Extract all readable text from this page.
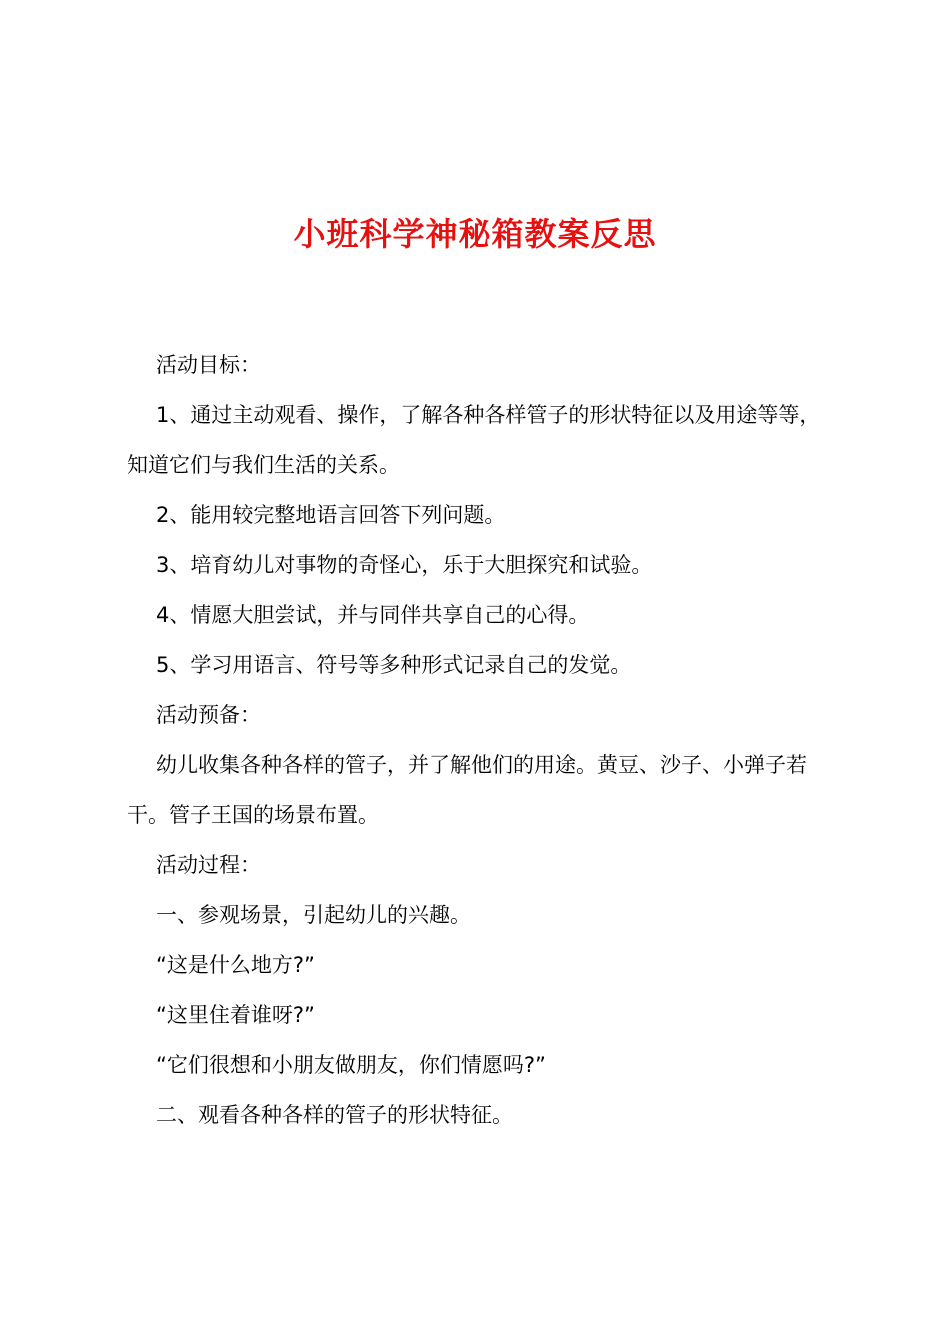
小班科学神秘箱教案反思

活动目标：

1、通过主动观看、操作，了解各种各样管子的形状特征以及用途等等，知道它们与我们生活的关系。

2、能用较完整地语言回答下列问题。

3、培育幼儿对事物的奇怪心，乐于大胆探究和试验。

4、情愿大胆尝试，并与同伴共享自己的心得。

5、学习用语言、符号等多种形式记录自己的发觉。

活动预备：

幼儿收集各种各样的管子，并了解他们的用途。黄豆、沙子、小弹子若干。管子王国的场景布置。

活动过程：

一、参观场景，引起幼儿的兴趣。

“这是什么地方?”

“这里住着谁呀?”

“它们很想和小朋友做朋友，你们情愿吗?”

二、观看各种各样的管子的形状特征。
